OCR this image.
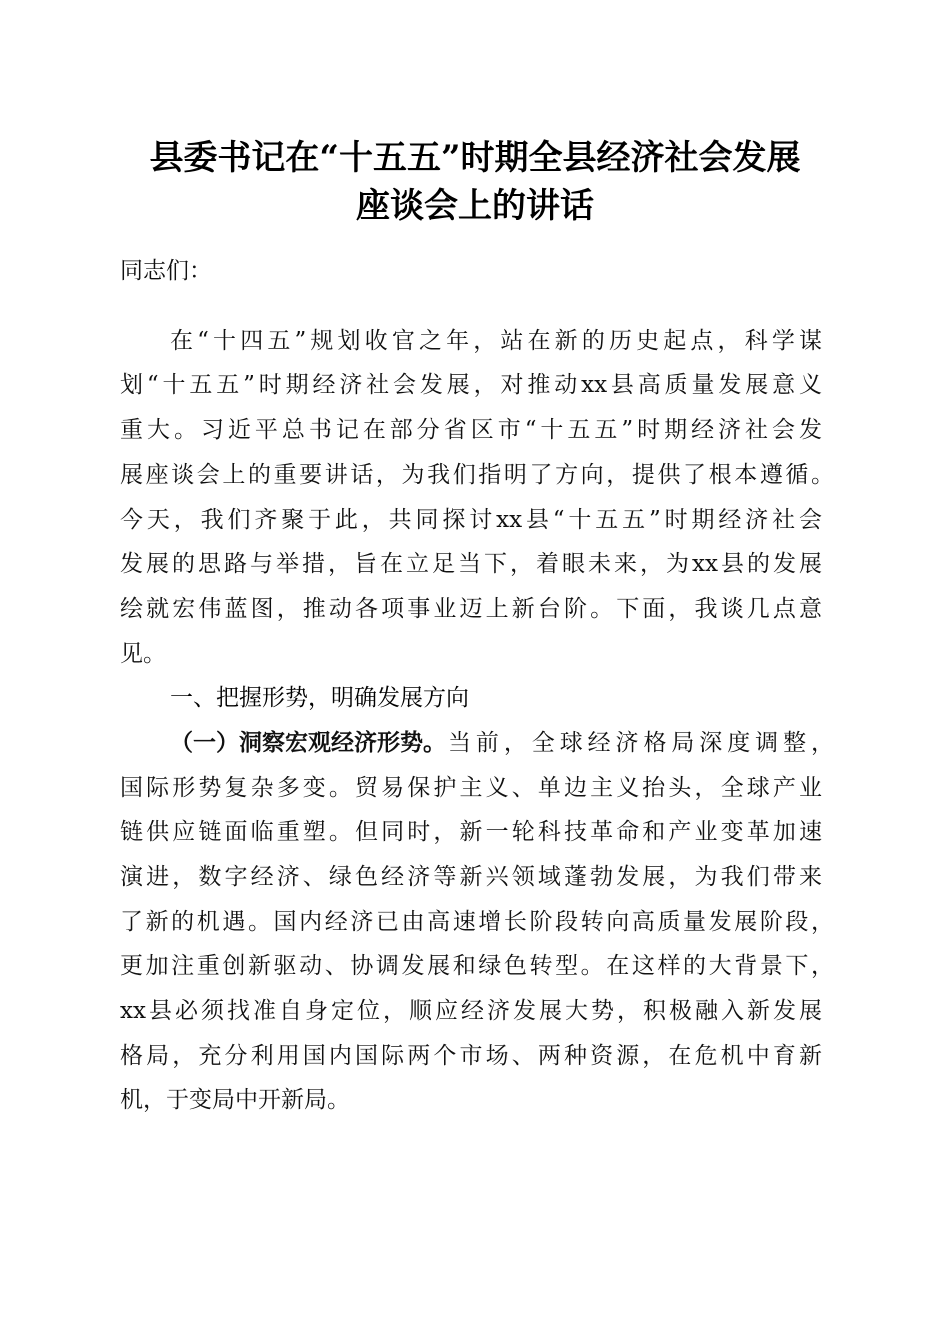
县委书记在“十五五”时期全县经济社会发展
座谈会上的讲话
同志们：
在“十四五”规划收官之年，站在新的历史起点，科学谋
划“十五五”时期经济社会发展，对推动xx县高质量发展意义
重大。习近平总书记在部分省区市“十五五”时期经济社会发
展座谈会上的重要讲话，为我们指明了方向，提供了根本遵循。
今天，我们齐聚于此，共同探讨xx县“十五五”时期经济社会
发展的思路与举措，旨在立足当下，着眼未来，为xx县的发展
绘就宏伟蓝图，推动各项事业迈上新台阶。下面，我谈几点意
见。
一、把握形势，明确发展方向
（一）洞察宏观经济形势。 当前，全球经济格局深度调整，
国际形势复杂多变。贸易保护主义、单边主义抬头，全球产业
链供应链面临重塑。但同时，新一轮科技革命和产业变革加速
演进，数字经济、绿色经济等新兴领域蓬勃发展，为我们带来
了新的机遇。国内经济已由高速增长阶段转向高质量发展阶段，
更加注重创新驱动、协调发展和绿色转型。在这样的大背景下，
xx县必须找准自身定位，顺应经济发展大势，积极融入新发展
格局，充分利用国内国际两个市场、两种资源，在危机中育新
机，于变局中开新局。
